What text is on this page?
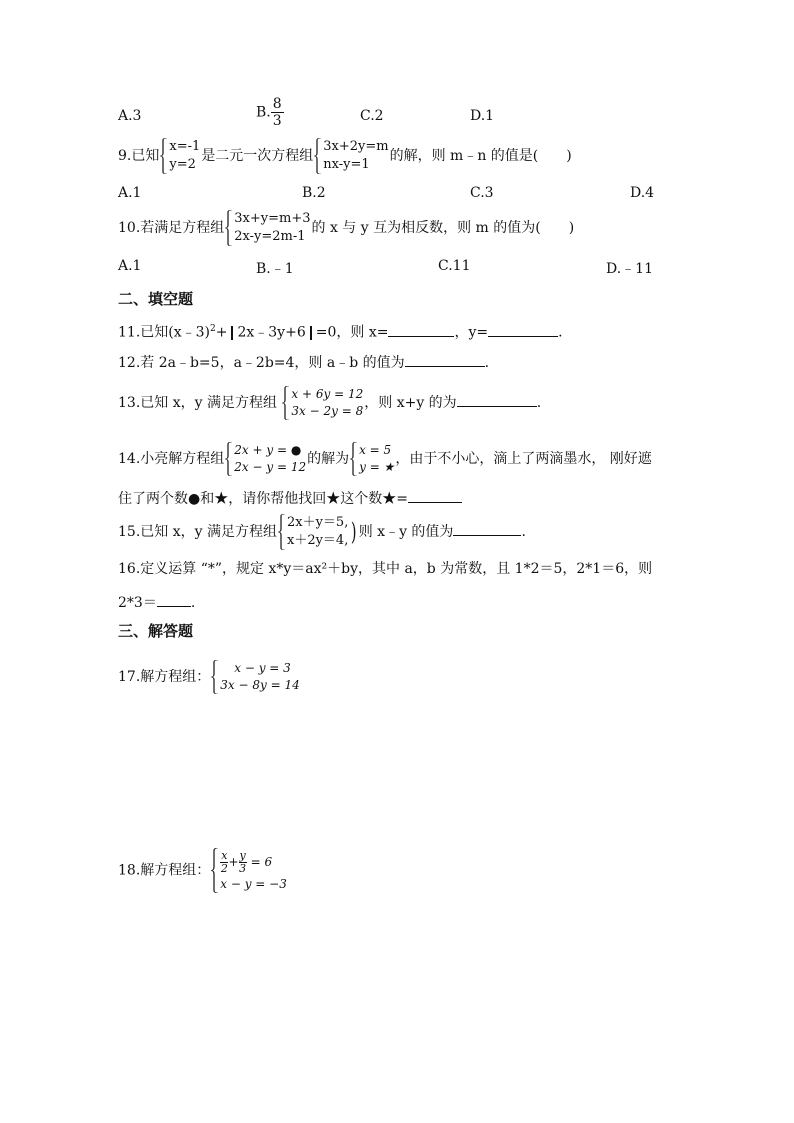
A.3	B. $\frac{8}{3}$	C.2	D.1
9.已知
x=-1
y=2
是二元一次方程组
3x+2y=m
nx-y=1
的解，则 m﹣n 的值是(　　)
A.1	B.2	C.3	D.4
10.若满足方程组
3x+y=m+3
2x-y=2m-1
的 x 与 y 互为相反数，则 m 的值为(　　)
A.1	B.﹣1	C.11	D.﹣11
二、填空题
11.已知(x﹣3)$^2$+ 2x﹣3y+6 =0，则 x=	，y=	.
12.若 2a﹣b=5，a﹣2b=4，则 a﹣b 的值为	.
13.已知 x，y 满足方程组
x + 6y = 12
3x − 2y = 8 ，则 x+y 的为	.
14.小亮解方程组
2x + y = ●
2x − y = 12 的解为
x = 5
y = ★ ，由于不小心，滴上了两滴墨水， 刚好遮
住了两个数●和★，请你帮他找回★这个数★=
15.已知 x，y 满足方程组
2x＋y＝5,
x＋2y＝4, ) 则 x﹣y 的值为	.
16.定义运算 “*”，规定 x*y＝ax²＋by，其中 a，b 为常数，且 1*2＝5，2*1＝6，则
2*3＝ .
三、解答题
17.解方程组：
x − y = 3
3x − 8y = 14
18.解方程组： $\frac{x}{2} + \frac{y}{3} = 6$
x − y = −3
